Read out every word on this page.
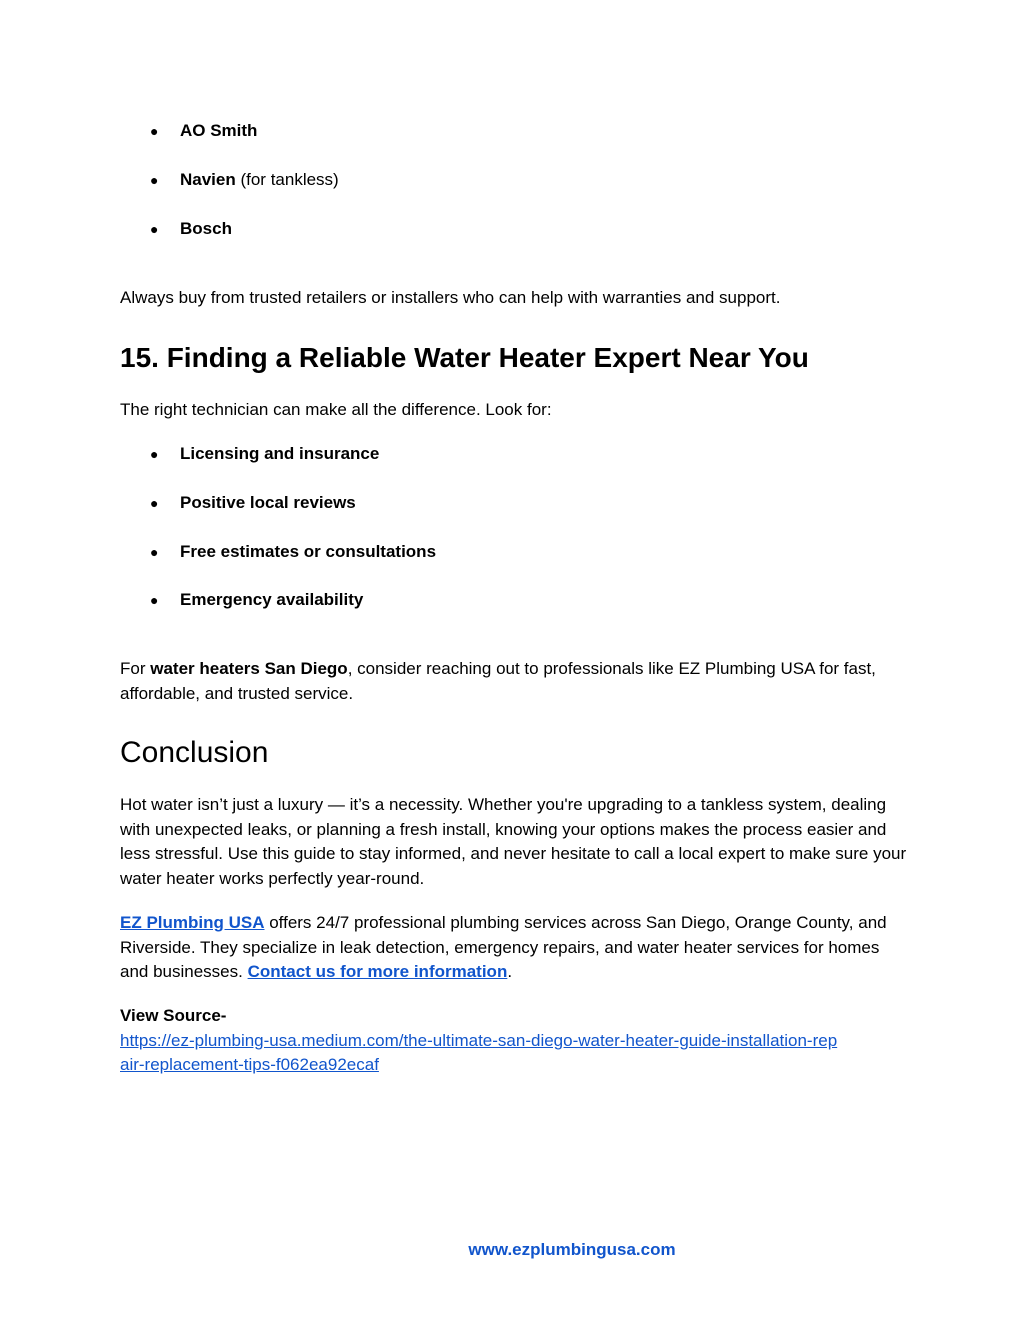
● AO Smith
● Navien (for tankless)
● Bosch
Always buy from trusted retailers or installers who can help with warranties and support.
15. Finding a Reliable Water Heater Expert Near You
The right technician can make all the difference. Look for:
● Licensing and insurance
● Positive local reviews
● Free estimates or consultations
● Emergency availability
For water heaters San Diego, consider reaching out to professionals like EZ Plumbing USA for fast, affordable, and trusted service.
Conclusion
Hot water isn’t just a luxury — it’s a necessity. Whether you're upgrading to a tankless system, dealing with unexpected leaks, or planning a fresh install, knowing your options makes the process easier and less stressful. Use this guide to stay informed, and never hesitate to call a local expert to make sure your water heater works perfectly year-round.
EZ Plumbing USA offers 24/7 professional plumbing services across San Diego, Orange County, and Riverside. They specialize in leak detection, emergency repairs, and water heater services for homes and businesses. Contact us for more information.
View Source-
https://ez-plumbing-usa.medium.com/the-ultimate-san-diego-water-heater-guide-installation-rep
air-replacement-tips-f062ea92ecaf
www.ezplumbingusa.com
